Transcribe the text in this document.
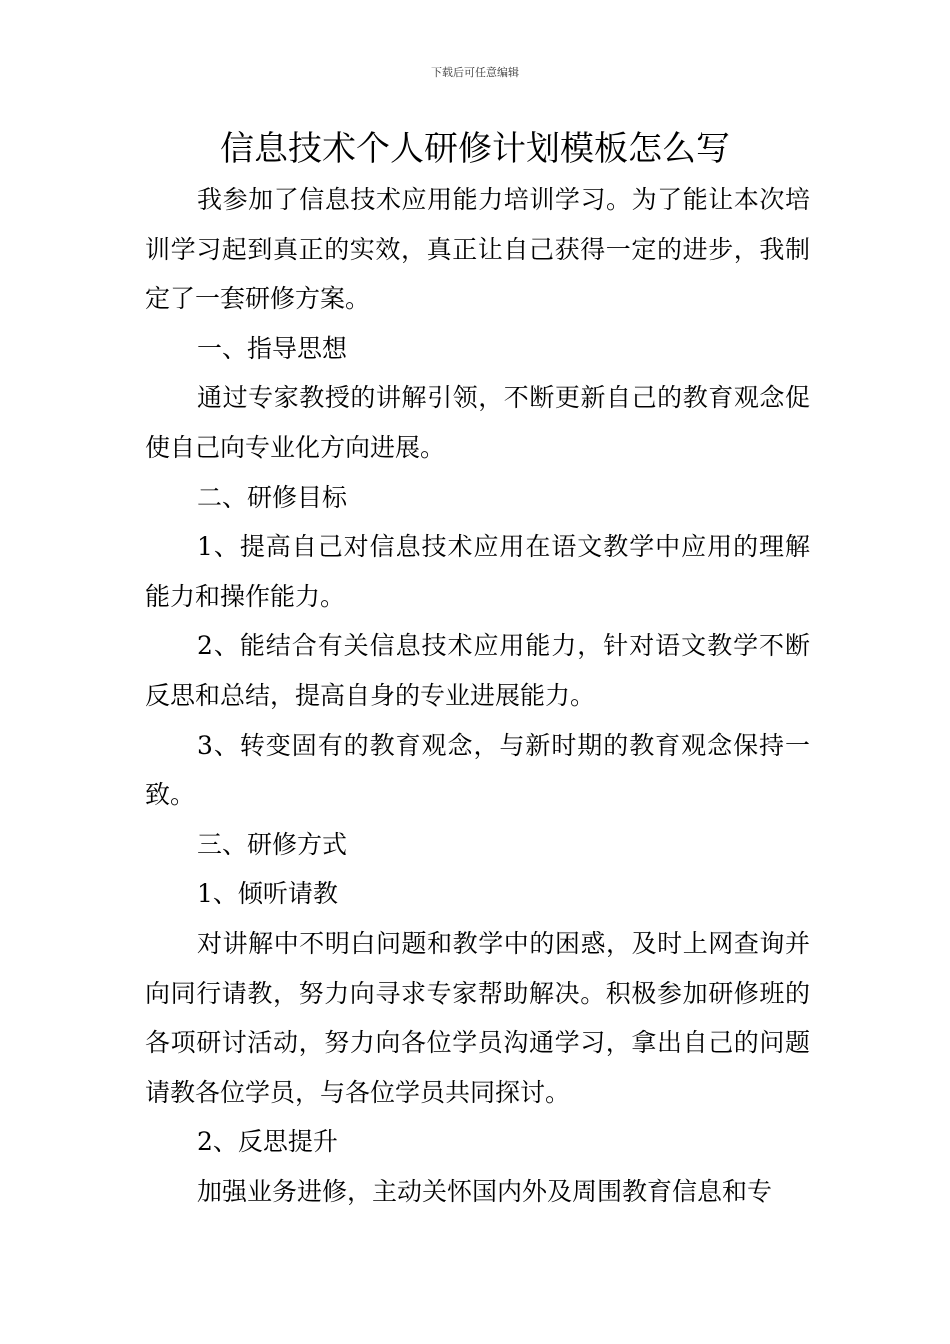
下载后可任意编辑
信息技术个人研修计划模板怎么写

我参加了信息技术应用能力培训学习。为了能让本次培训学习起到真正的实效，真正让自己获得一定的进步，我制定了一套研修方案。

一、指导思想

通过专家教授的讲解引领，不断更新自己的教育观念促使自己向专业化方向进展。

二、研修目标

1、提高自己对信息技术应用在语文教学中应用的理解能力和操作能力。

2、能结合有关信息技术应用能力，针对语文教学不断反思和总结，提高自身的专业进展能力。

3、转变固有的教育观念，与新时期的教育观念保持一致。

三、研修方式

1、倾听请教

对讲解中不明白问题和教学中的困惑，及时上网查询并向同行请教，努力向寻求专家帮助解决。积极参加研修班的各项研讨活动，努力向各位学员沟通学习，拿出自己的问题请教各位学员，与各位学员共同探讨。

2、反思提升

加强业务进修，主动关怀国内外及周围教育信息和专
